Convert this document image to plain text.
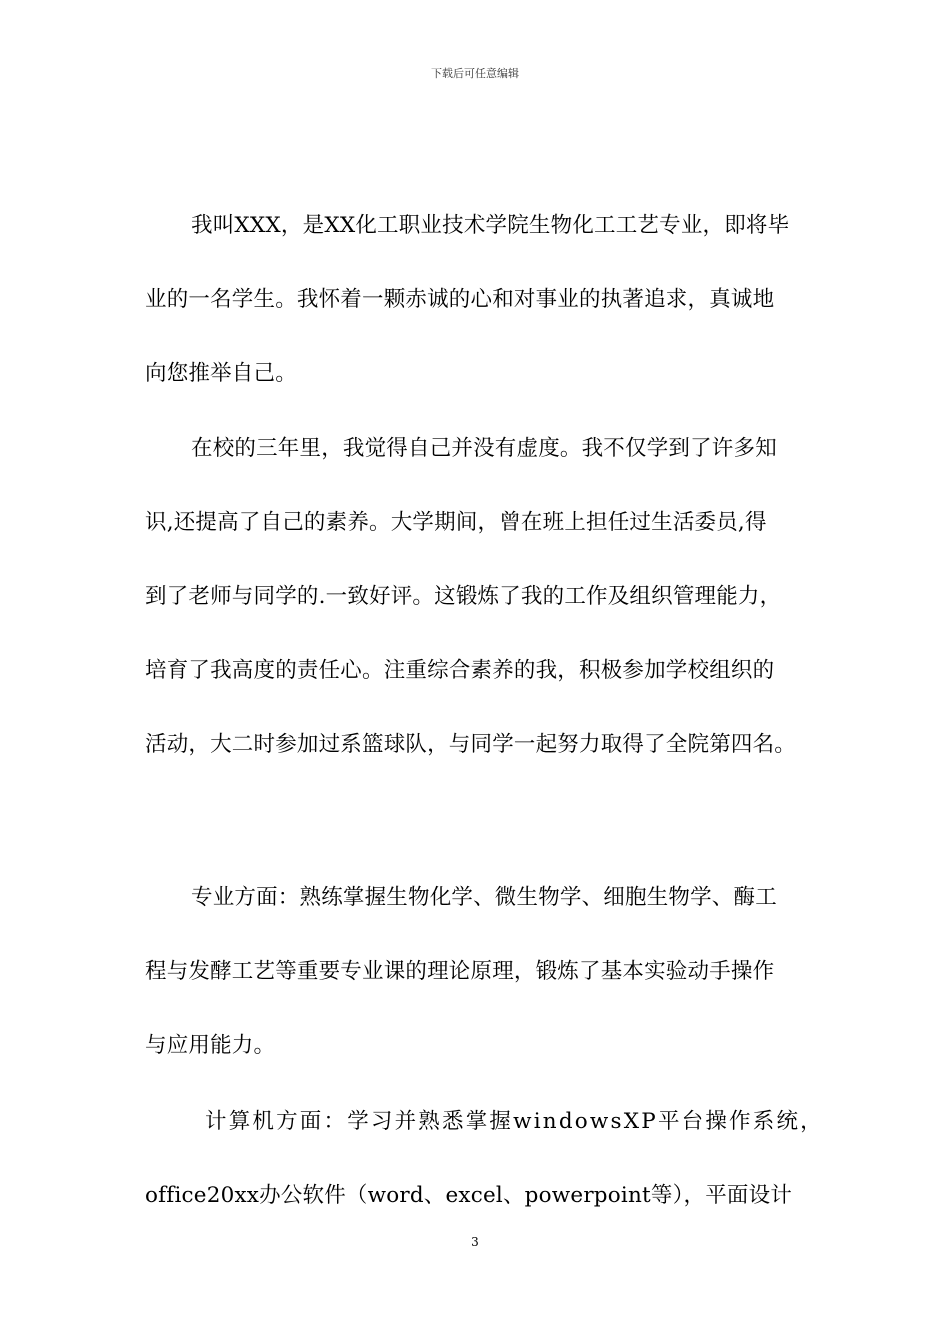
下载后可任意编辑
我叫XXX，是XX化工职业技术学院生物化工工艺专业，即将毕
业的一名学生。我怀着一颗赤诚的心和对事业的执著追求，真诚地
向您推举自己。
在校的三年里，我觉得自己并没有虚度。我不仅学到了许多知
识,还提高了自己的素养。大学期间，曾在班上担任过生活委员,得
到了老师与同学的.一致好评。这锻炼了我的工作及组织管理能力，
培育了我高度的责任心。注重综合素养的我，积极参加学校组织的
活动，大二时参加过系篮球队，与同学一起努力取得了全院第四名。
专业方面：熟练掌握生物化学、微生物学、细胞生物学、酶工
程与发酵工艺等重要专业课的理论原理，锻炼了基本实验动手操作
与应用能力。
计算机方面：学习并熟悉掌握windowsXP平台操作系统，
office20xx办公软件（word、excel、powerpoint等），平面设计
3
